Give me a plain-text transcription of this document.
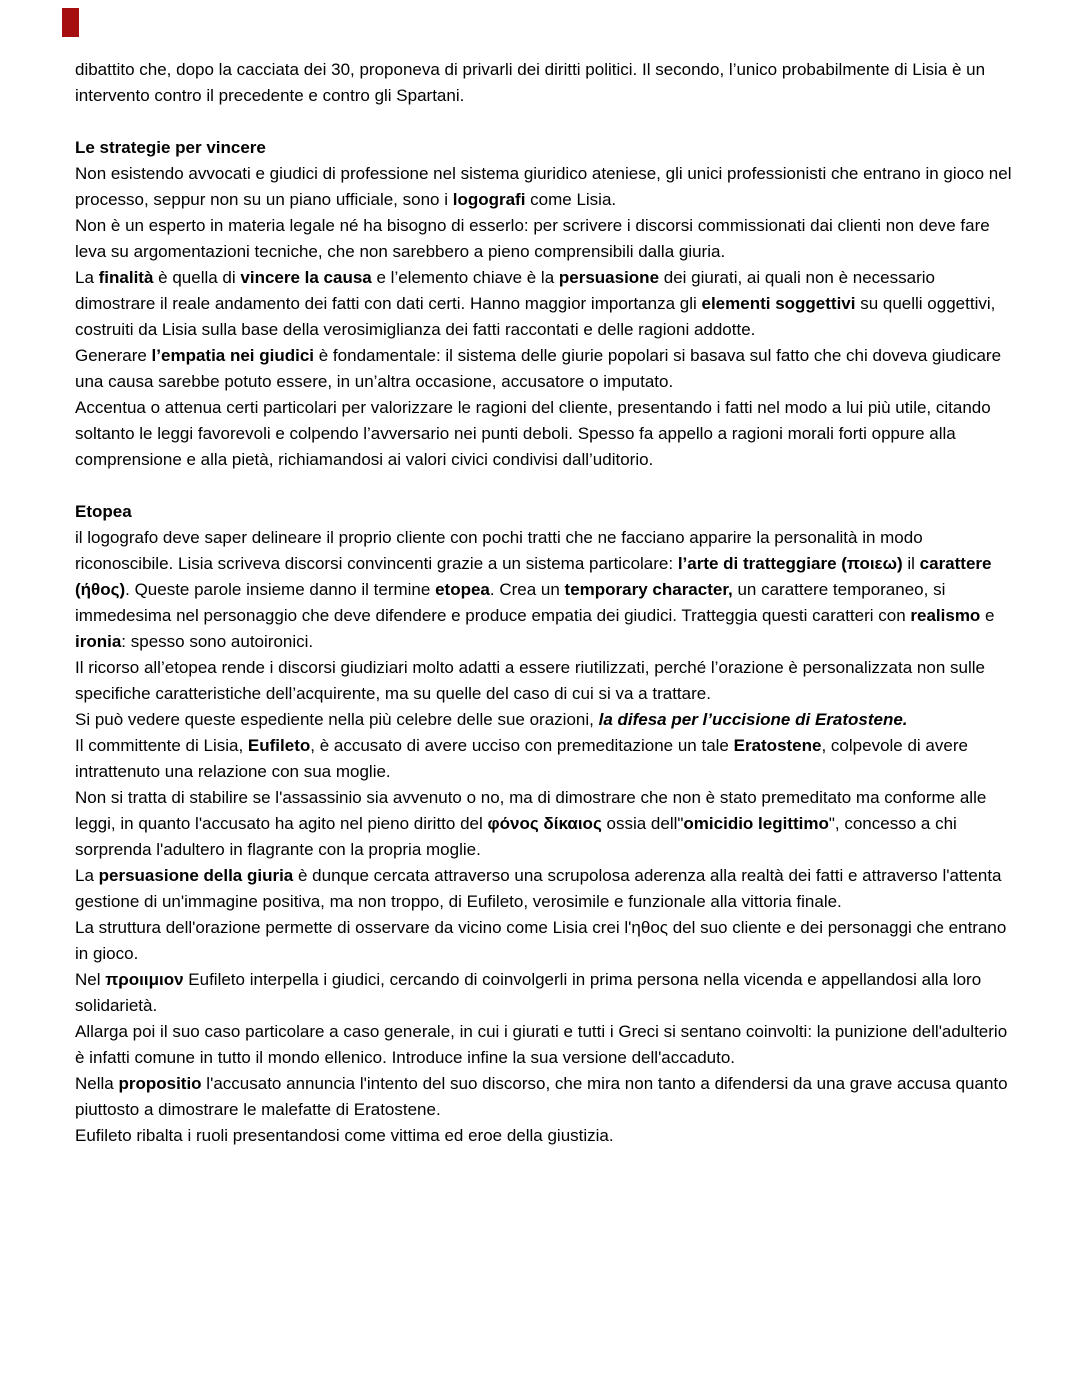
dibattito che, dopo la cacciata dei 30, proponeva di privarli dei diritti politici. Il secondo, l’unico probabilmente di Lisia è un intervento contro il precedente e contro gli Spartani.

Le strategie per vincere

Non esistendo avvocati e giudici di professione nel sistema giuridico ateniese, gli unici professionisti che entrano in gioco nel processo, seppur non su un piano ufficiale, sono i logografi come Lisia.

Non è un esperto in materia legale né ha bisogno di esserlo: per scrivere i discorsi commissionati dai clienti non deve fare leva su argomentazioni tecniche, che non sarebbero a pieno comprensibili dalla giuria.

La finalità è quella di vincere la causa e l’elemento chiave è la persuasione dei giurati, ai quali non è necessario dimostrare il reale andamento dei fatti con dati certi. Hanno maggior importanza gli elementi soggettivi su quelli oggettivi, costruiti da Lisia sulla base della verosimiglianza dei fatti raccontati e delle ragioni addotte.

Generare l’empatia nei giudici è fondamentale: il sistema delle giurie popolari si basava sul fatto che chi doveva giudicare una causa sarebbe potuto essere, in un’altra occasione, accusatore o imputato.

Accentua o attenua certi particolari per valorizzare le ragioni del cliente, presentando i fatti nel modo a lui più utile, citando soltanto le leggi favorevoli e colpendo l’avversario nei punti deboli. Spesso fa appello a ragioni morali forti oppure alla comprensione e alla pietà, richiamandosi ai valori civici condivisi dall’uditorio.

Etopea

il logografo deve saper delineare il proprio cliente con pochi tratti che ne facciano apparire la personalità in modo riconoscibile. Lisia scriveva discorsi convincenti grazie a un sistema particolare: l’arte di tratteggiare (ποιεω) il carattere (ήθος). Queste parole insieme danno il termine etopea. Crea un temporary character, un carattere temporaneo, si immedesima nel personaggio che deve difendere e produce empatia dei giudici. Tratteggia questi caratteri con realismo e ironia: spesso sono autoironici.

Il ricorso all’etopea rende i discorsi giudiziari molto adatti a essere riutilizzati, perché l’orazione è personalizzata non sulle specifiche caratteristiche dell’acquirente, ma su quelle del caso di cui si va a trattare.

Si può vedere queste espediente nella più celebre delle sue orazioni, la difesa per l’uccisione di Eratostene.

Il committente di Lisia, Eufileto, è accusato di avere ucciso con premeditazione un tale Eratostene, colpevole di avere intrattenuto una relazione con sua moglie.

Non si tratta di stabilire se l'assassinio sia avvenuto o no, ma di dimostrare che non è stato premeditato ma conforme alle leggi, in quanto l'accusato ha agito nel pieno diritto del φόνος δίκαιος ossia dell"omicidio legittimo", concesso a chi sorprenda l'adultero in flagrante con la propria moglie.

La persuasione della giuria è dunque cercata attraverso una scrupolosa aderenza alla realtà dei fatti e attraverso l'attenta gestione di un'immagine positiva, ma non troppo, di Eufileto, verosimile e funzionale alla vittoria finale.

La struttura dell'orazione permette di osservare da vicino come Lisia crei l'ηθος del suo cliente e dei personaggi che entrano in gioco.

Nel προιιμιον Eufileto interpella i giudici, cercando di coinvolgerli in prima persona nella vicenda e appellandosi alla loro solidarietà.

Allarga poi il suo caso particolare a caso generale, in cui i giurati e tutti i Greci si sentano coinvolti: la punizione dell'adulterio è infatti comune in tutto il mondo ellenico. Introduce infine la sua versione dell'accaduto.

Nella propositio l'accusato annuncia l'intento del suo discorso, che mira non tanto a difendersi da una grave accusa quanto piuttosto a dimostrare le malefatte di Eratostene.

Eufileto ribalta i ruoli presentandosi come vittima ed eroe della giustizia.
